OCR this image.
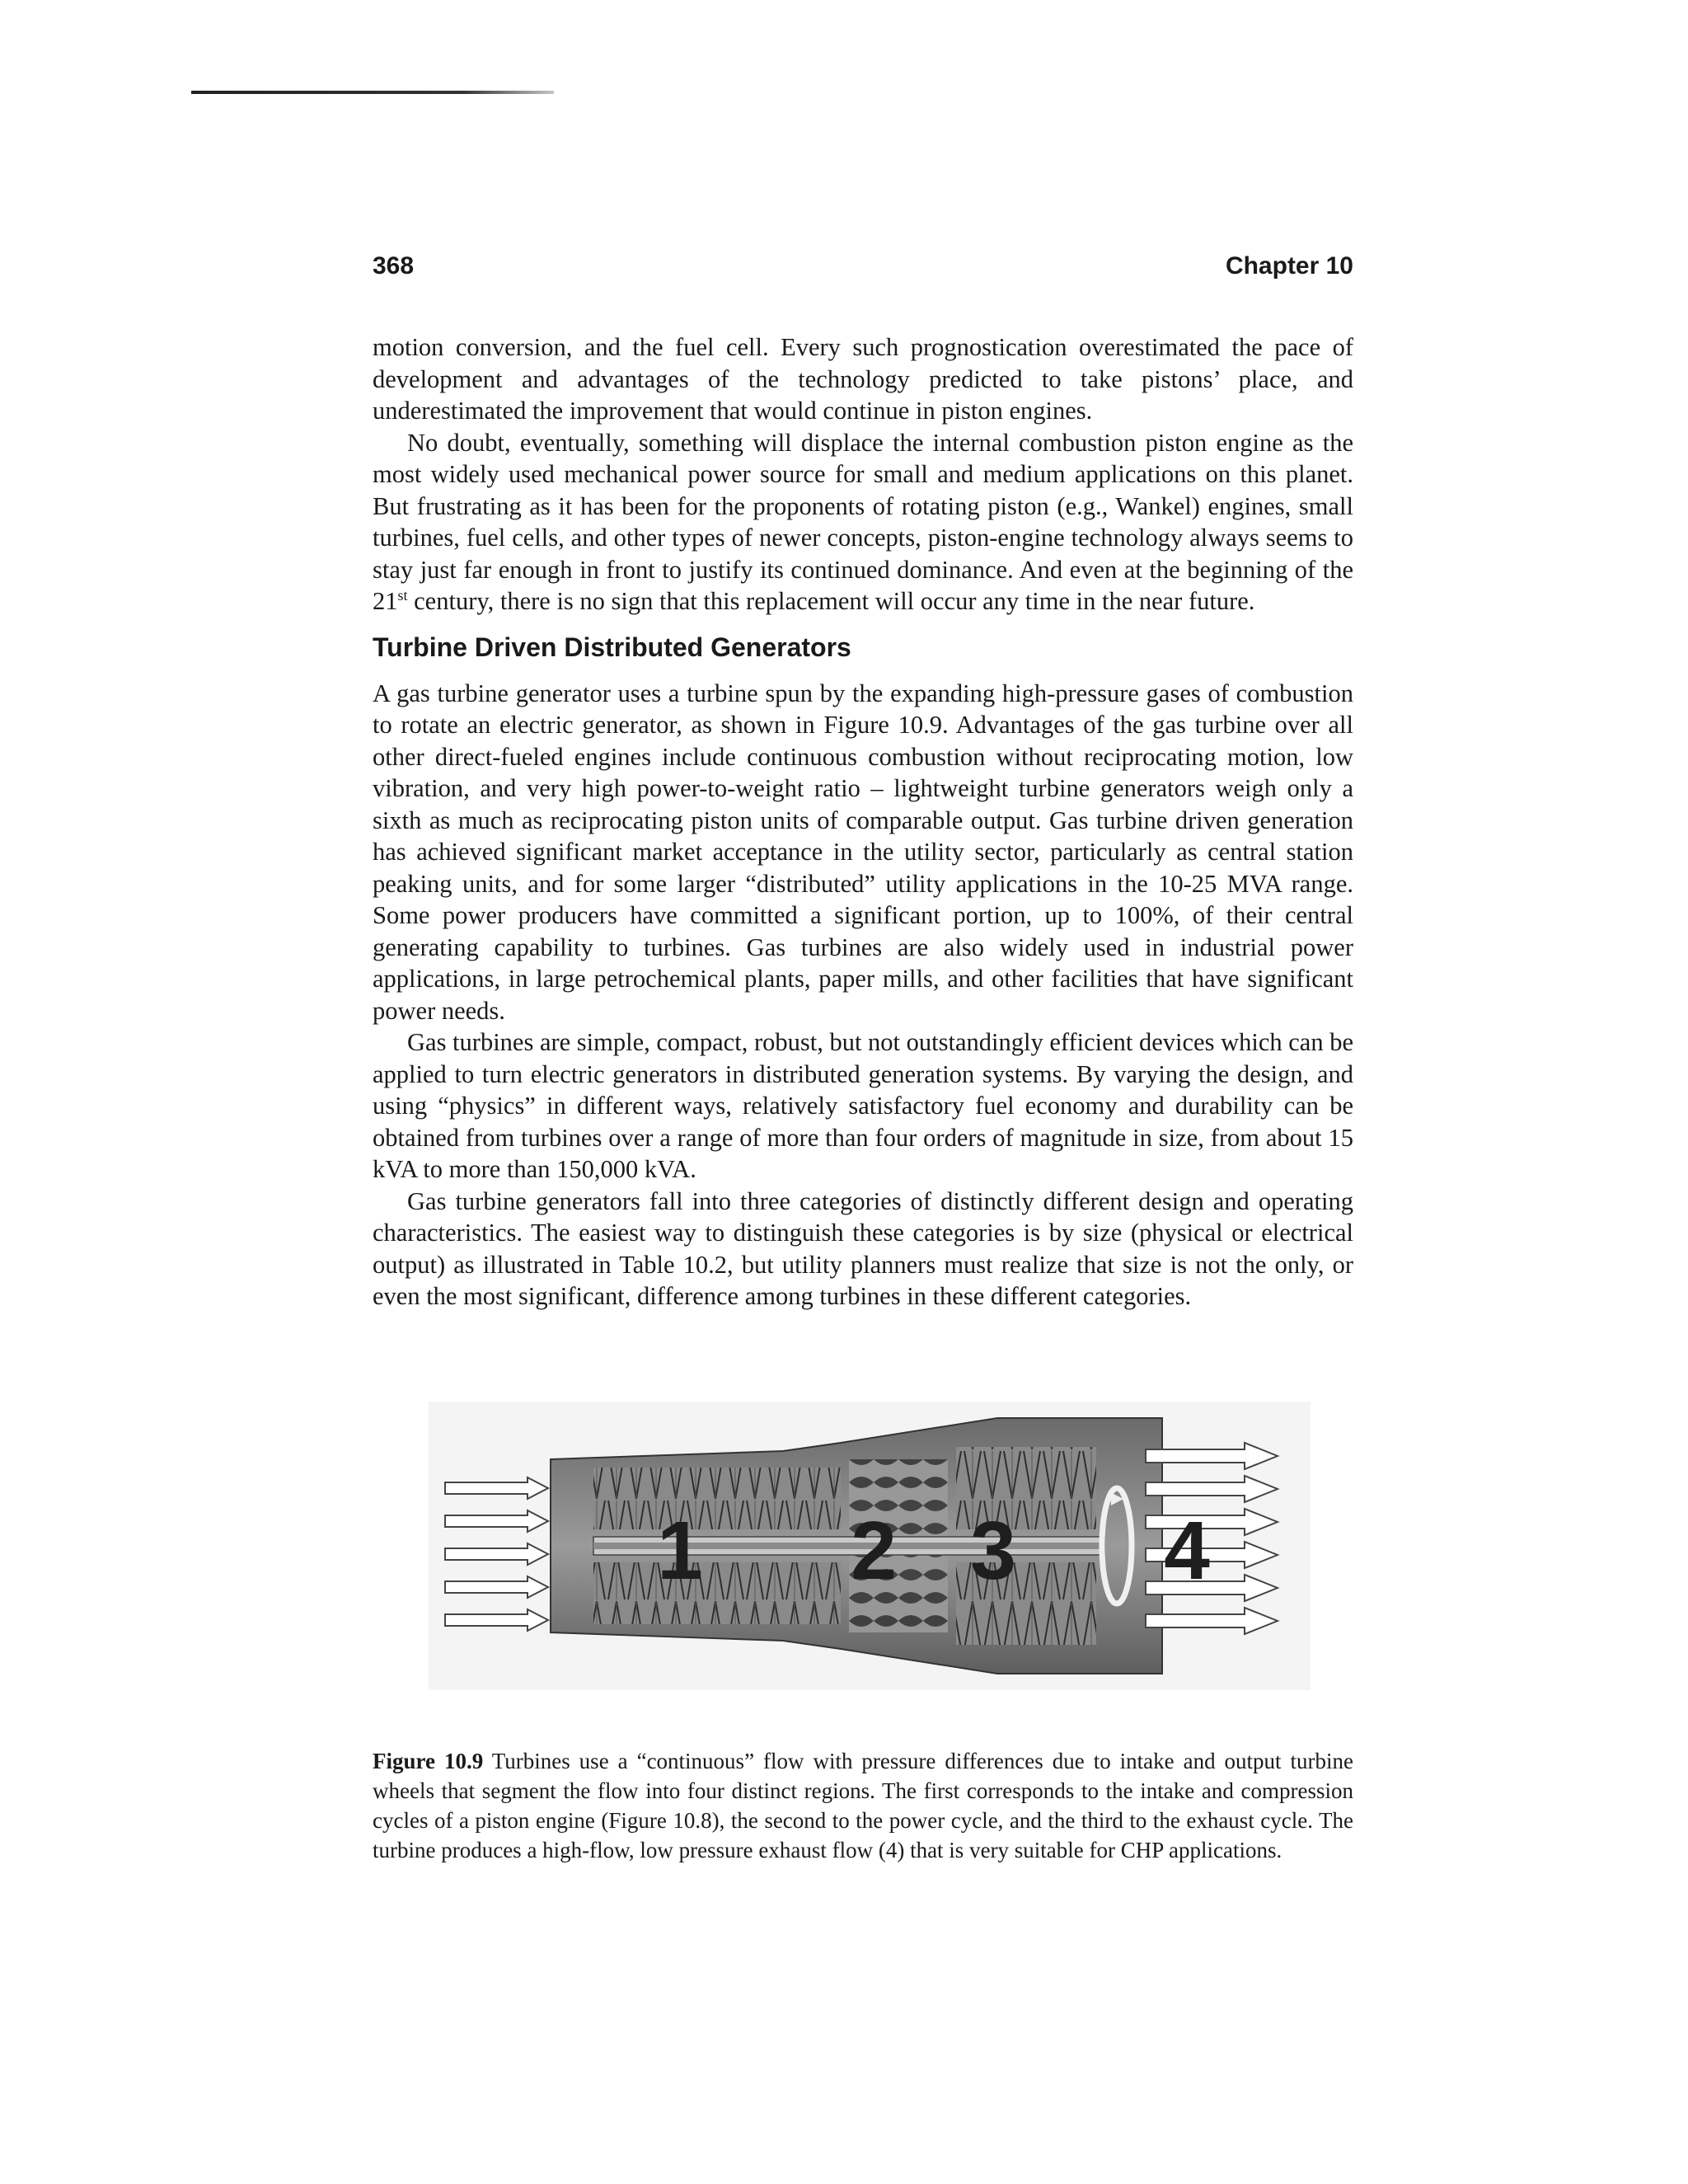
368	Chapter 10

motion conversion, and the fuel cell. Every such prognostication overestimated the pace of development and advantages of the technology predicted to take pistons’ place, and underestimated the improvement that would continue in piston engines.

No doubt, eventually, something will displace the internal combustion piston engine as the most widely used mechanical power source for small and medium applications on this planet. But frustrating as it has been for the proponents of rotating piston (e.g., Wankel) engines, small turbines, fuel cells, and other types of newer concepts, piston-engine technology always seems to stay just far enough in front to justify its continued dominance. And even at the beginning of the 21st century, there is no sign that this replacement will occur any time in the near future.

Turbine Driven Distributed Generators

A gas turbine generator uses a turbine spun by the expanding high-pressure gases of combustion to rotate an electric generator, as shown in Figure 10.9. Advantages of the gas turbine over all other direct-fueled engines include continuous combustion without reciprocating motion, low vibration, and very high power-to-weight ratio – lightweight turbine generators weigh only a sixth as much as reciprocating piston units of comparable output. Gas turbine driven generation has achieved significant market acceptance in the utility sector, particularly as central station peaking units, and for some larger “distributed” utility applications in the 10-25 MVA range. Some power producers have committed a significant portion, up to 100%, of their central generating capability to turbines. Gas turbines are also widely used in industrial power applications, in large petrochemical plants, paper mills, and other facilities that have significant power needs.

Gas turbines are simple, compact, robust, but not outstandingly efficient devices which can be applied to turn electric generators in distributed generation systems. By varying the design, and using “physics” in different ways, relatively satisfactory fuel economy and durability can be obtained from turbines over a range of more than four orders of magnitude in size, from about 15 kVA to more than 150,000 kVA.

Gas turbine generators fall into three categories of distinctly different design and operating characteristics. The easiest way to distinguish these categories is by size (physical or electrical output) as illustrated in Table 10.2, but utility planners must realize that size is not the only, or even the most significant, difference among turbines in these different categories.

1 2 3 4
Figure 10.9 Turbines use a “continuous” flow with pressure differences due to intake and output turbine wheels that segment the flow into four distinct regions. The first corresponds to the intake and compression cycles of a piston engine (Figure 10.8), the second to the power cycle, and the third to the exhaust cycle. The turbine produces a high-flow, low pressure exhaust flow (4) that is very suitable for CHP applications.
